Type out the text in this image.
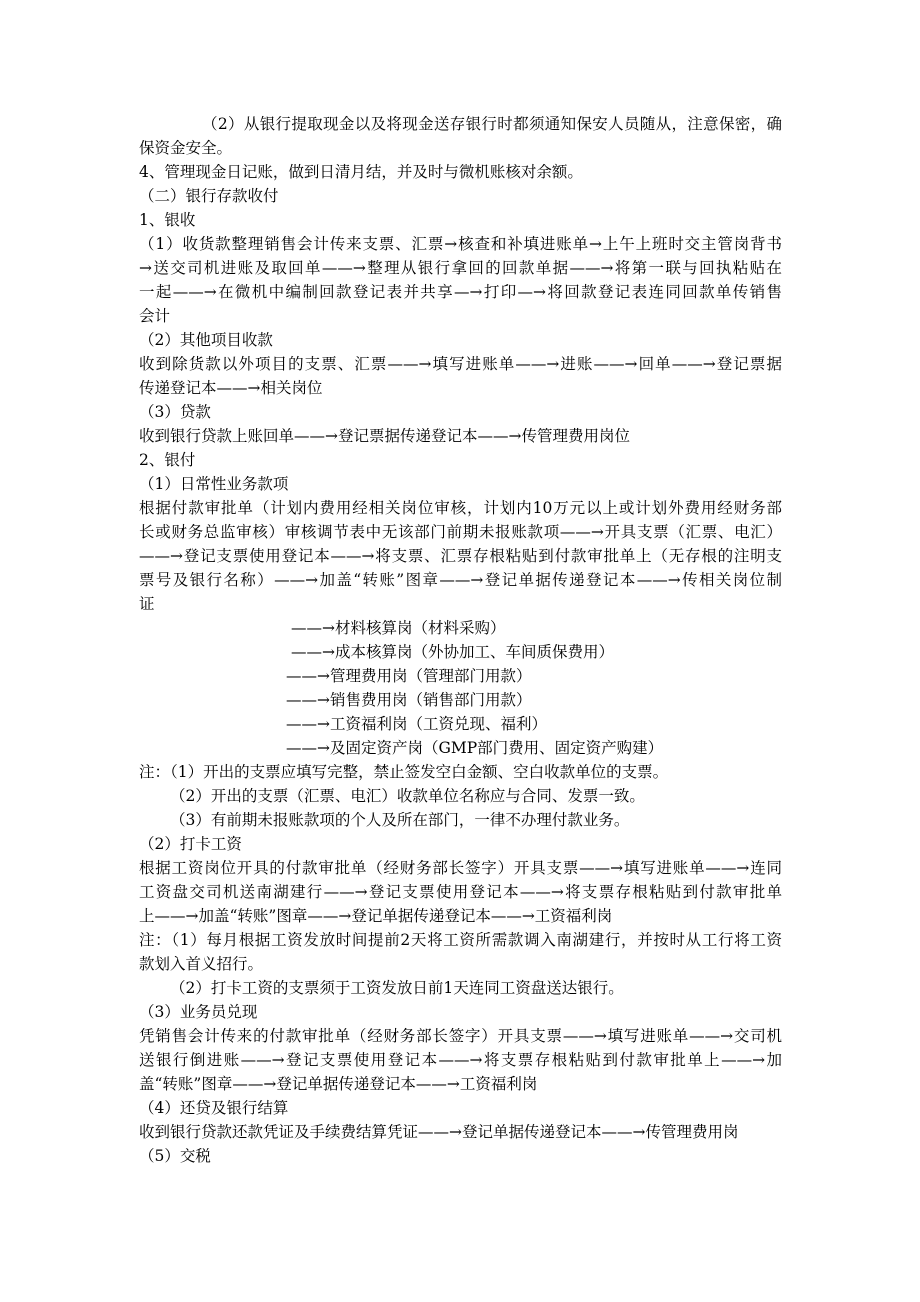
（2）从银行提取现金以及将现金送存银行时都须通知保安人员随从，注意保密，确
保资金安全。
4、管理现金日记账，做到日清月结，并及时与微机账核对余额。
（二）银行存款收付
1、银收
（1）收货款整理销售会计传来支票、汇票→核查和补填进账单→上午上班时交主管岗背书
→送交司机进账及取回单——→整理从银行拿回的回款单据——→将第一联与回执粘贴在
一起——→在微机中编制回款登记表并共享—→打印—→将回款登记表连同回款单传销售
会计
（2）其他项目收款
收到除货款以外项目的支票、汇票——→填写进账单——→进账——→回单——→登记票据
传递登记本——→相关岗位
（3）贷款
收到银行贷款上账回单——→登记票据传递登记本——→传管理费用岗位
2、银付
（1）日常性业务款项
根据付款审批单（计划内费用经相关岗位审核，计划内10万元以上或计划外费用经财务部
长或财务总监审核）审核调节表中无该部门前期未报账款项——→开具支票（汇票、电汇）
——→登记支票使用登记本——→将支票、汇票存根粘贴到付款审批单上（无存根的注明支
票号及银行名称）——→加盖“转账”图章——→登记单据传递登记本——→传相关岗位制
证
——→材料核算岗（材料采购）
——→成本核算岗（外协加工、车间质保费用）
——→管理费用岗（管理部门用款）
——→销售费用岗（销售部门用款）
——→工资福利岗（工资兑现、福利）
——→及固定资产岗（GMP部门费用、固定资产购建）
注：（1）开出的支票应填写完整，禁止签发空白金额、空白收款单位的支票。
（2）开出的支票（汇票、电汇）收款单位名称应与合同、发票一致。
（3）有前期未报账款项的个人及所在部门，一律不办理付款业务。
（2）打卡工资
根据工资岗位开具的付款审批单（经财务部长签字）开具支票——→填写进账单——→连同
工资盘交司机送南湖建行——→登记支票使用登记本——→将支票存根粘贴到付款审批单
上——→加盖“转账”图章——→登记单据传递登记本——→工资福利岗
注：（1）每月根据工资发放时间提前2天将工资所需款调入南湖建行，并按时从工行将工资
款划入首义招行。
（2）打卡工资的支票须于工资发放日前1天连同工资盘送达银行。
（3）业务员兑现
凭销售会计传来的付款审批单（经财务部长签字）开具支票——→填写进账单——→交司机
送银行倒进账——→登记支票使用登记本——→将支票存根粘贴到付款审批单上——→加
盖“转账”图章——→登记单据传递登记本——→工资福利岗
（4）还贷及银行结算
收到银行贷款还款凭证及手续费结算凭证——→登记单据传递登记本——→传管理费用岗
（5）交税
